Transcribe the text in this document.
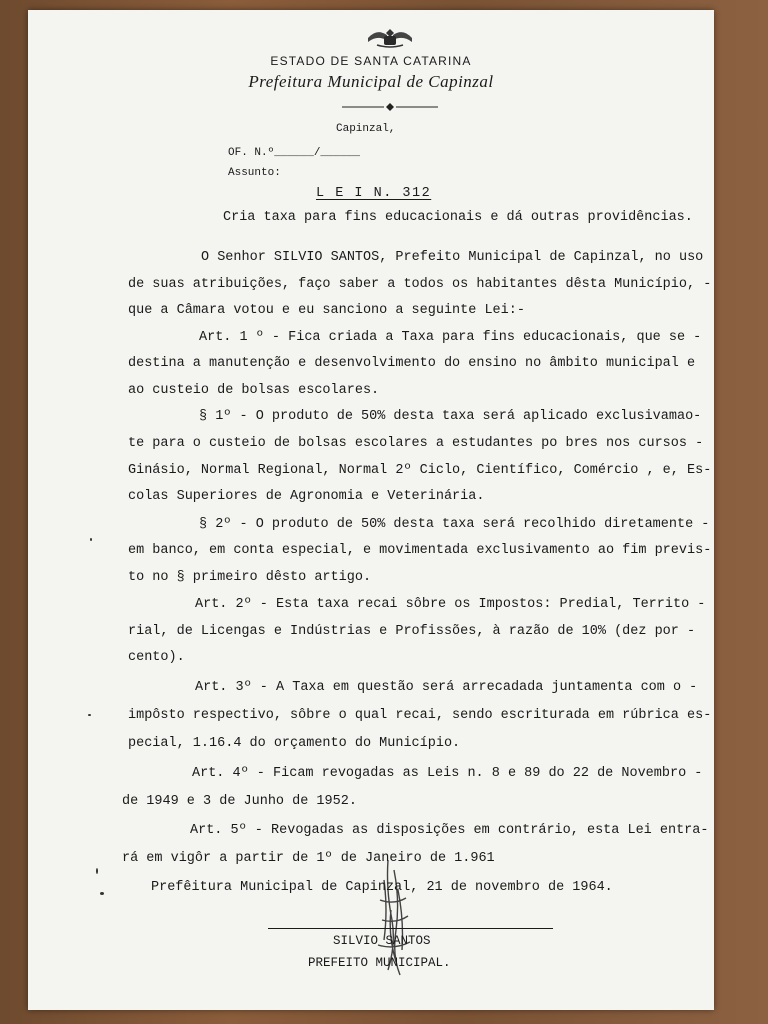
ESTADO DE SANTA CATARINA
Prefeitura Municipal de Capinzal
Capinzal,
OF. N.º______/______
Assunto:
L E I N. 312
Cria taxa para fins educacionais e dá outras providências.
O Senhor SILVIO SANTOS, Prefeito Municipal de Capinzal, no uso
de suas atribuições, faço saber a todos os habitantes dêsta Município, -
que a Câmara votou e eu sanciono a seguinte Lei:-
Art. 1 º - Fica criada a Taxa para fins educacionais, que se -
destina a manutenção e desenvolvimento do ensino no âmbito municipal e
ao custeio de bolsas escolares.
§ 1º - O produto de 50% desta taxa será aplicado exclusivamao-
te para o custeio de bolsas escolares a estudantes po bres nos cursos -
Ginásio, Normal Regional, Normal 2º Ciclo, Científico, Comércio , e, Es-
colas Superiores de Agronomia e Veterinária.
§ 2º - O produto de 50% desta taxa será recolhido diretamente -
em banco, em conta especial, e movimentada exclusivamento ao fim previs-
to no § primeiro dêsto artigo.
Art. 2º - Esta taxa recai sôbre os Impostos: Predial, Territo -
rial, de Licengas e Indústrias e Profissões, à razão de 10% (dez por -
cento).
Art. 3º - A Taxa em questão será arrecadada juntamenta com o -
impôsto respectivo, sôbre o qual recai, sendo escriturada em rúbrica es-
pecial, 1.16.4 do orçamento do Município.
Art. 4º - Ficam revogadas as Leis n. 8 e 89 do 22 de Novembro -
de 1949 e 3 de Junho de 1952.
Art. 5º - Revogadas as disposições em contrário, esta Lei entra-
rá em vigôr a partir de 1º de Janeiro de 1.961
Prefêitura Municipal de Capinzal, 21 de novembro de 1964.
SILVIO SANTOS
PREFEITO MUNICIPAL.
